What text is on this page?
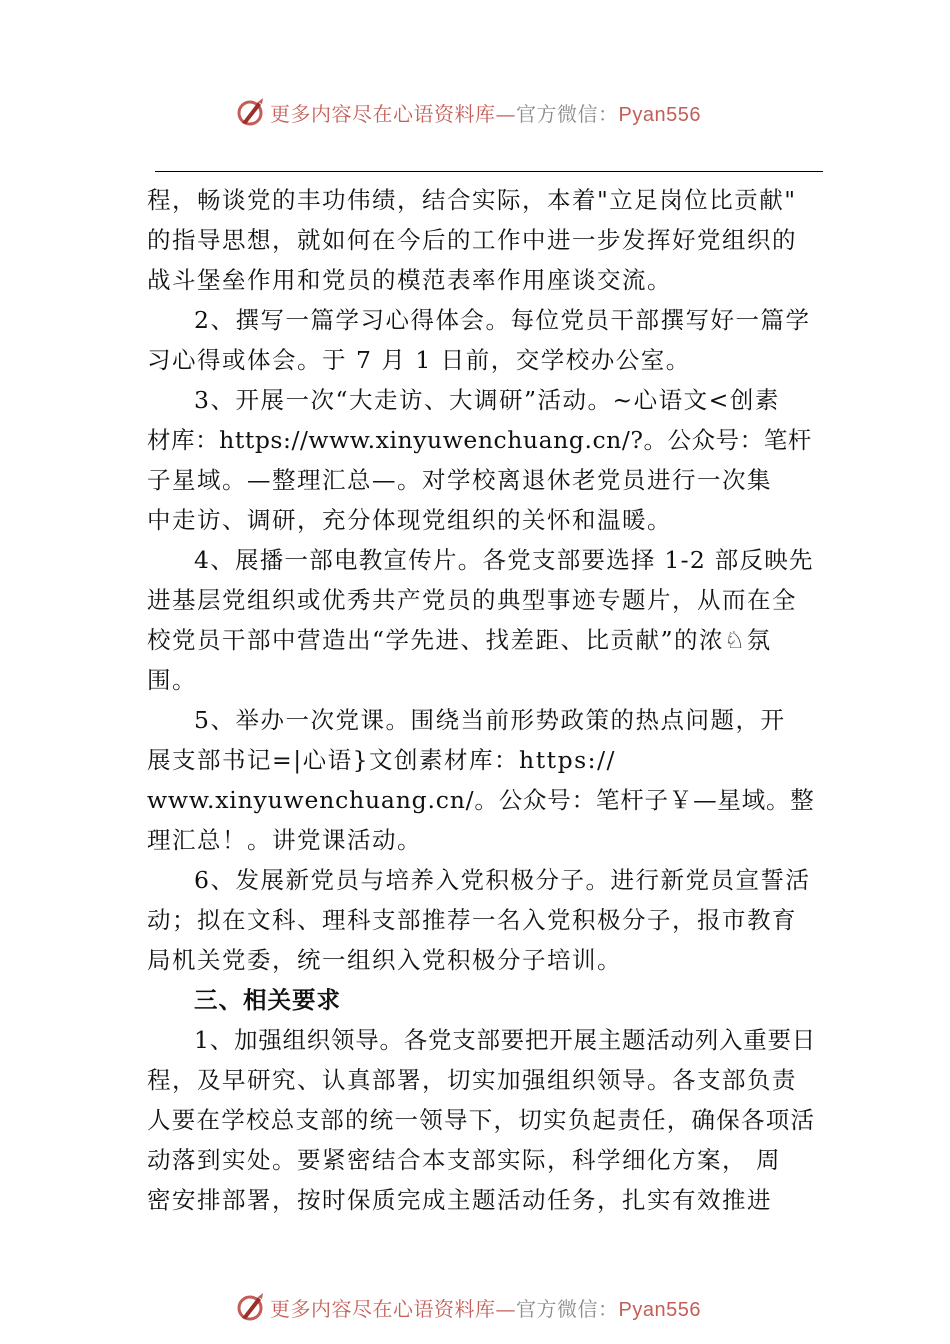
更多内容尽在心语资料库—官方微信：Pyan556
程，畅谈党的丰功伟绩，结合实际，本着"立足岗位比贡献"
的指导思想，就如何在今后的工作中进一步发挥好党组织的
战斗堡垒作用和党员的模范表率作用座谈交流。
2、撰写一篇学习心得体会。每位党员干部撰写好一篇学
习心得或体会。于 7 月 1 日前，交学校办公室。
3、开展一次“大走访、大调研”活动。~心语文<创素
材库：https://www.xinyuwenchuang.cn/?。公众号：笔杆
子星域。—整理汇总—。对学校离退休老党员进行一次集
中走访、调研，充分体现党组织的关怀和温暖。
4、展播一部电教宣传片。各党支部要选择 1-2 部反映先
进基层党组织或优秀共产党员的典型事迹专题片，从而在全
校党员干部中营造出“学先进、找差距、比贡献”的浓♘氛
围。
5、举办一次党课。围绕当前形势政策的热点问题，开
展支部书记=|心语}文创素材库：https://
www.xinyuwenchuang.cn/。公众号：笔杆子￥—星域。整
理汇总！。讲党课活动。
6、发展新党员与培养入党积极分子。进行新党员宣誓活
动；拟在文科、理科支部推荐一名入党积极分子，报市教育
局机关党委，统一组织入党积极分子培训。
三、相关要求
1、加强组织领导。各党支部要把开展主题活动列入重要日
程，及早研究、认真部署，切实加强组织领导。各支部负责
人要在学校总支部的统一领导下，切实负起责任，确保各项活
动落到实处。要紧密结合本支部实际，科学细化方案， 周
密安排部署，按时保质完成主题活动任务，扎实有效推进
更多内容尽在心语资料库—官方微信：Pyan556
